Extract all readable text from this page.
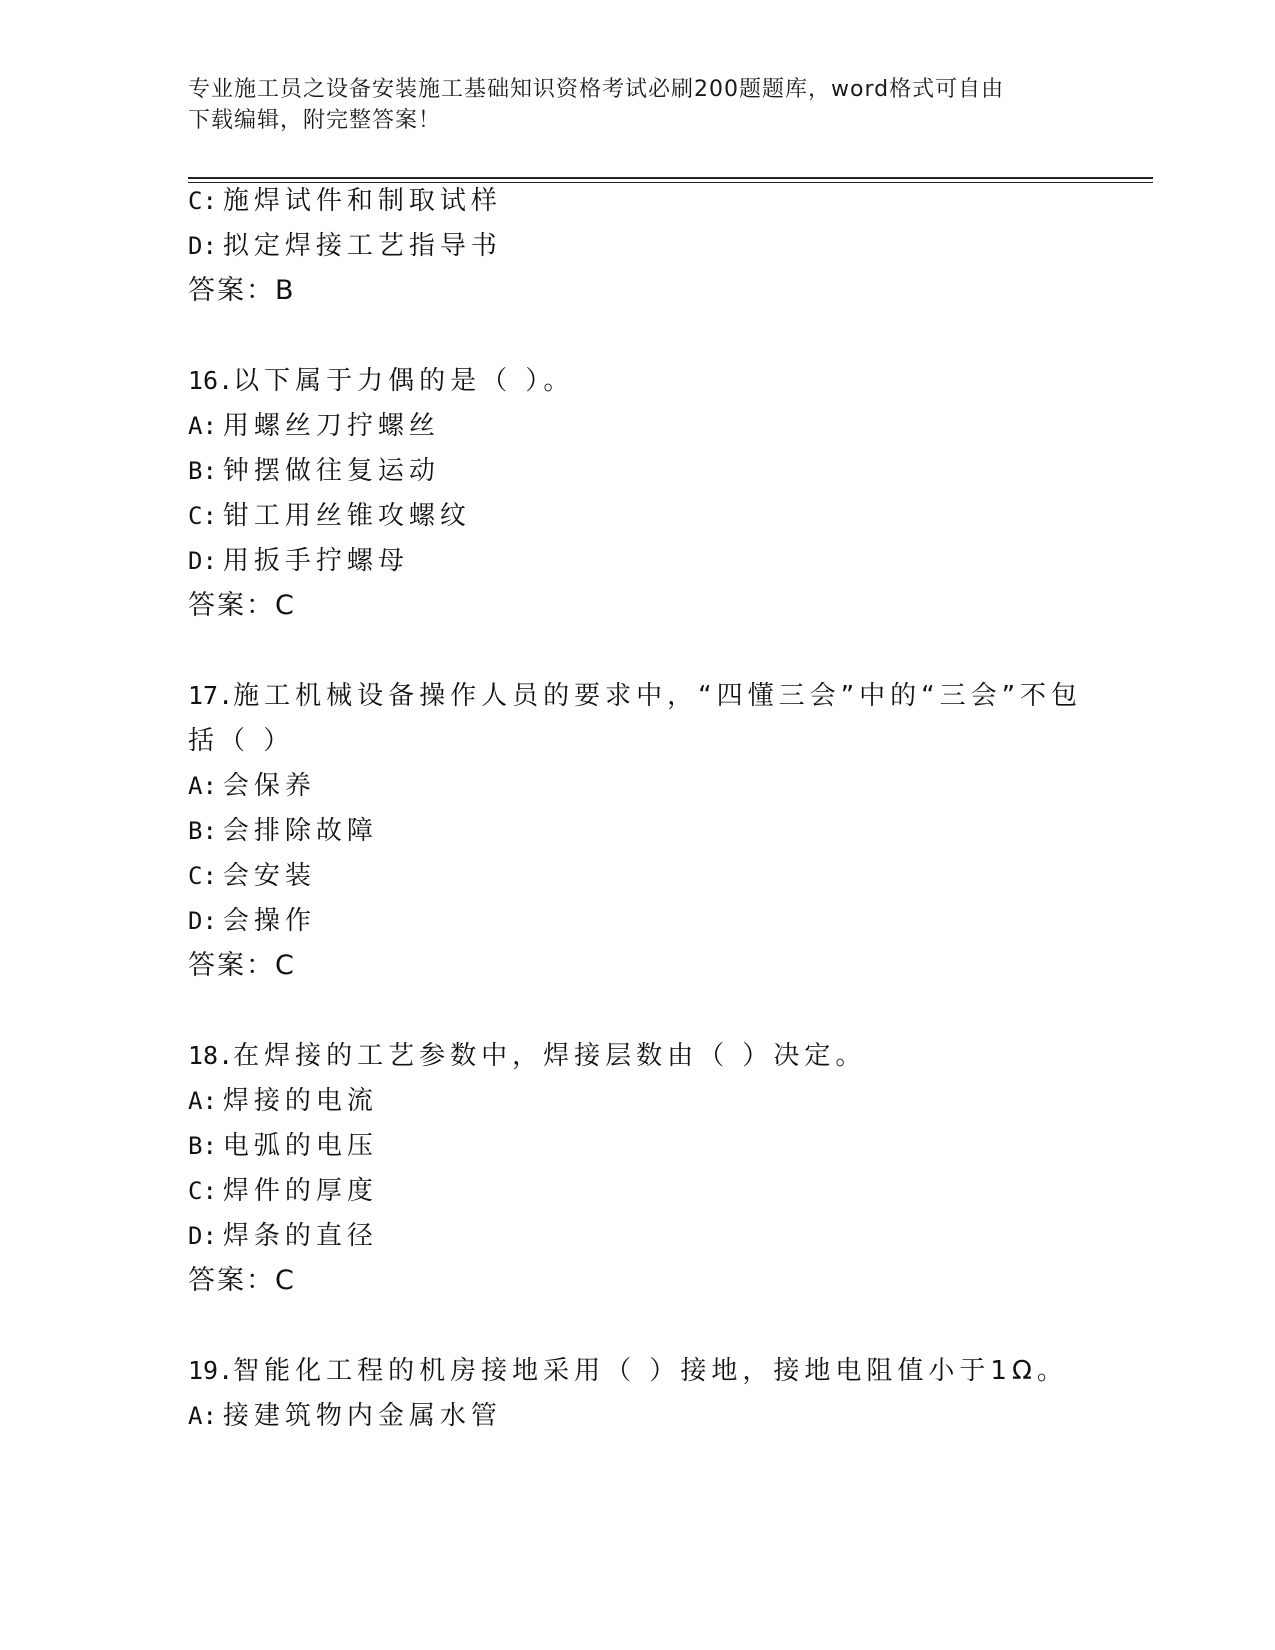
专业施工员之设备安装施工基础知识资格考试必刷200题题库，word格式可自由
下载编辑，附完整答案！
C: 施焊试件和制取试样
D: 拟定焊接工艺指导书
答案：B
16.以下属于力偶的是（ ）。
A: 用螺丝刀拧螺丝
B: 钟摆做往复运动
C: 钳工用丝锥攻螺纹
D: 用扳手拧螺母
答案：C
17.施工机械设备操作人员的要求中，“四懂三会”中的“三会”不包
括（ ）
A: 会保养
B: 会排除故障
C: 会安装
D: 会操作
答案：C
18.在焊接的工艺参数中，焊接层数由（ ）决定。
A: 焊接的电流
B: 电弧的电压
C: 焊件的厚度
D: 焊条的直径
答案：C
19.智能化工程的机房接地采用（ ）接地，接地电阻值小于1Ω。
A: 接建筑物内金属水管
